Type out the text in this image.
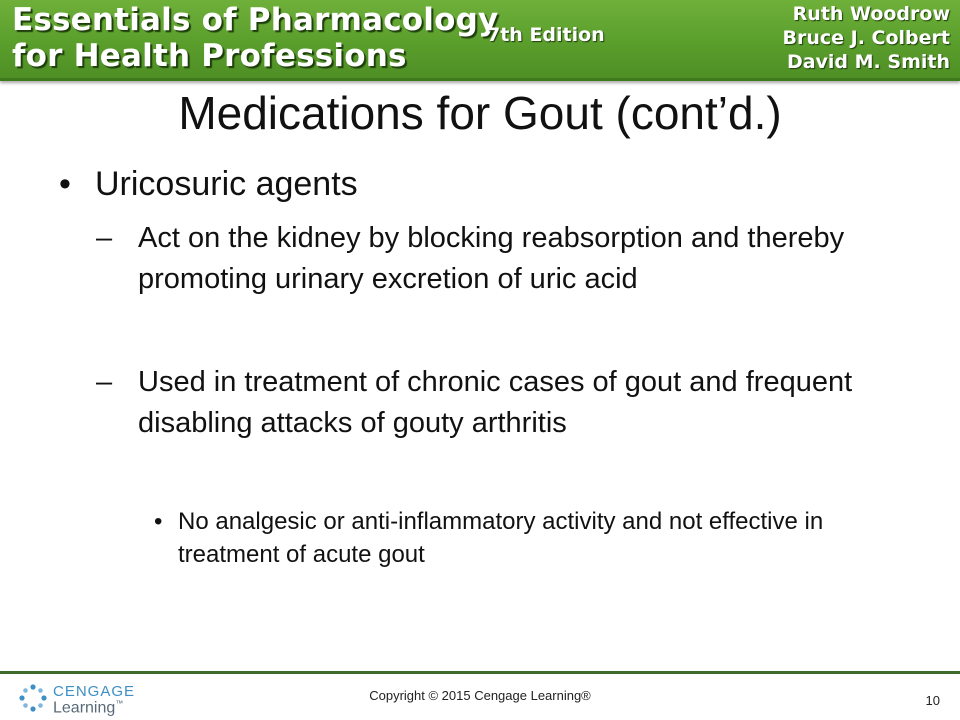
Essentials of Pharmacology
for Health Professions
7th Edition
Ruth Woodrow
Bruce J. Colbert
David M. Smith
Medications for Gout (cont’d.)
• Uricosuric agents
– Act on the kidney by blocking reabsorption and thereby promoting urinary excretion of uric acid
– Used in treatment of chronic cases of gout and frequent disabling attacks of gouty arthritis
• No analgesic or anti-inflammatory activity and not effective in treatment of acute gout
CENGAGE
Learning™
Copyright © 2015 Cengage Learning®	10
